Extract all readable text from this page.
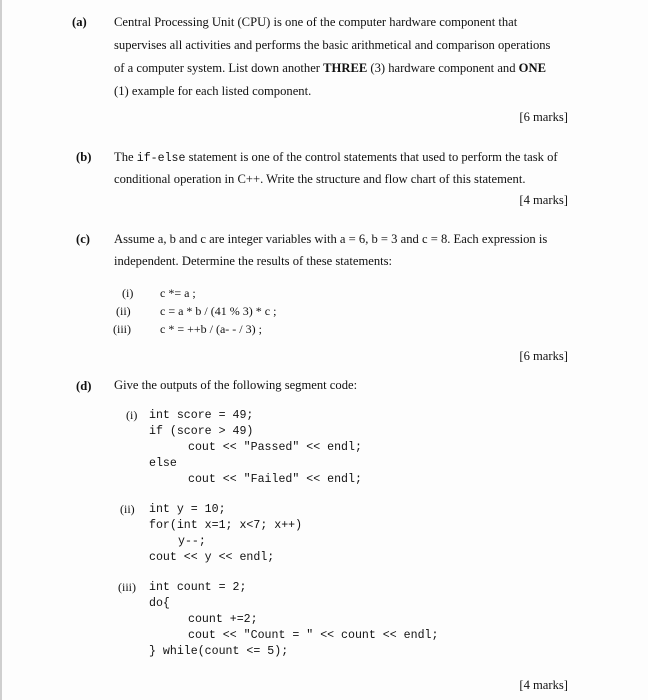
(a) Central Processing Unit (CPU) is one of the computer hardware component that
supervises all activities and performs the basic arithmetical and comparison operations
of a computer system. List down another THREE (3) hardware component and ONE
(1) example for each listed component.
[6 marks]
(b) The if-else statement is one of the control statements that used to perform the task of
conditional operation in C++. Write the structure and flow chart of this statement.
[4 marks]
(c) Assume a, b and c are integer variables with a = 6, b = 3 and c = 8. Each expression is
independent. Determine the results of these statements:
(i) c *= a ;
(ii) c = a * b / (41 % 3) * c ;
(iii) c * = ++b / (a- - / 3) ;
[6 marks]
(d) Give the outputs of the following segment code:
(i) int score = 49;
if (score > 49)
cout << "Passed" << endl;
else
cout << "Failed" << endl;
(ii) int y = 10;
for(int x=1; x<7; x++)
y--;
cout << y << endl;
(iii) int count = 2;
do{
count +=2;
cout << "Count = " << count << endl;
} while(count <= 5);
[4 marks]
